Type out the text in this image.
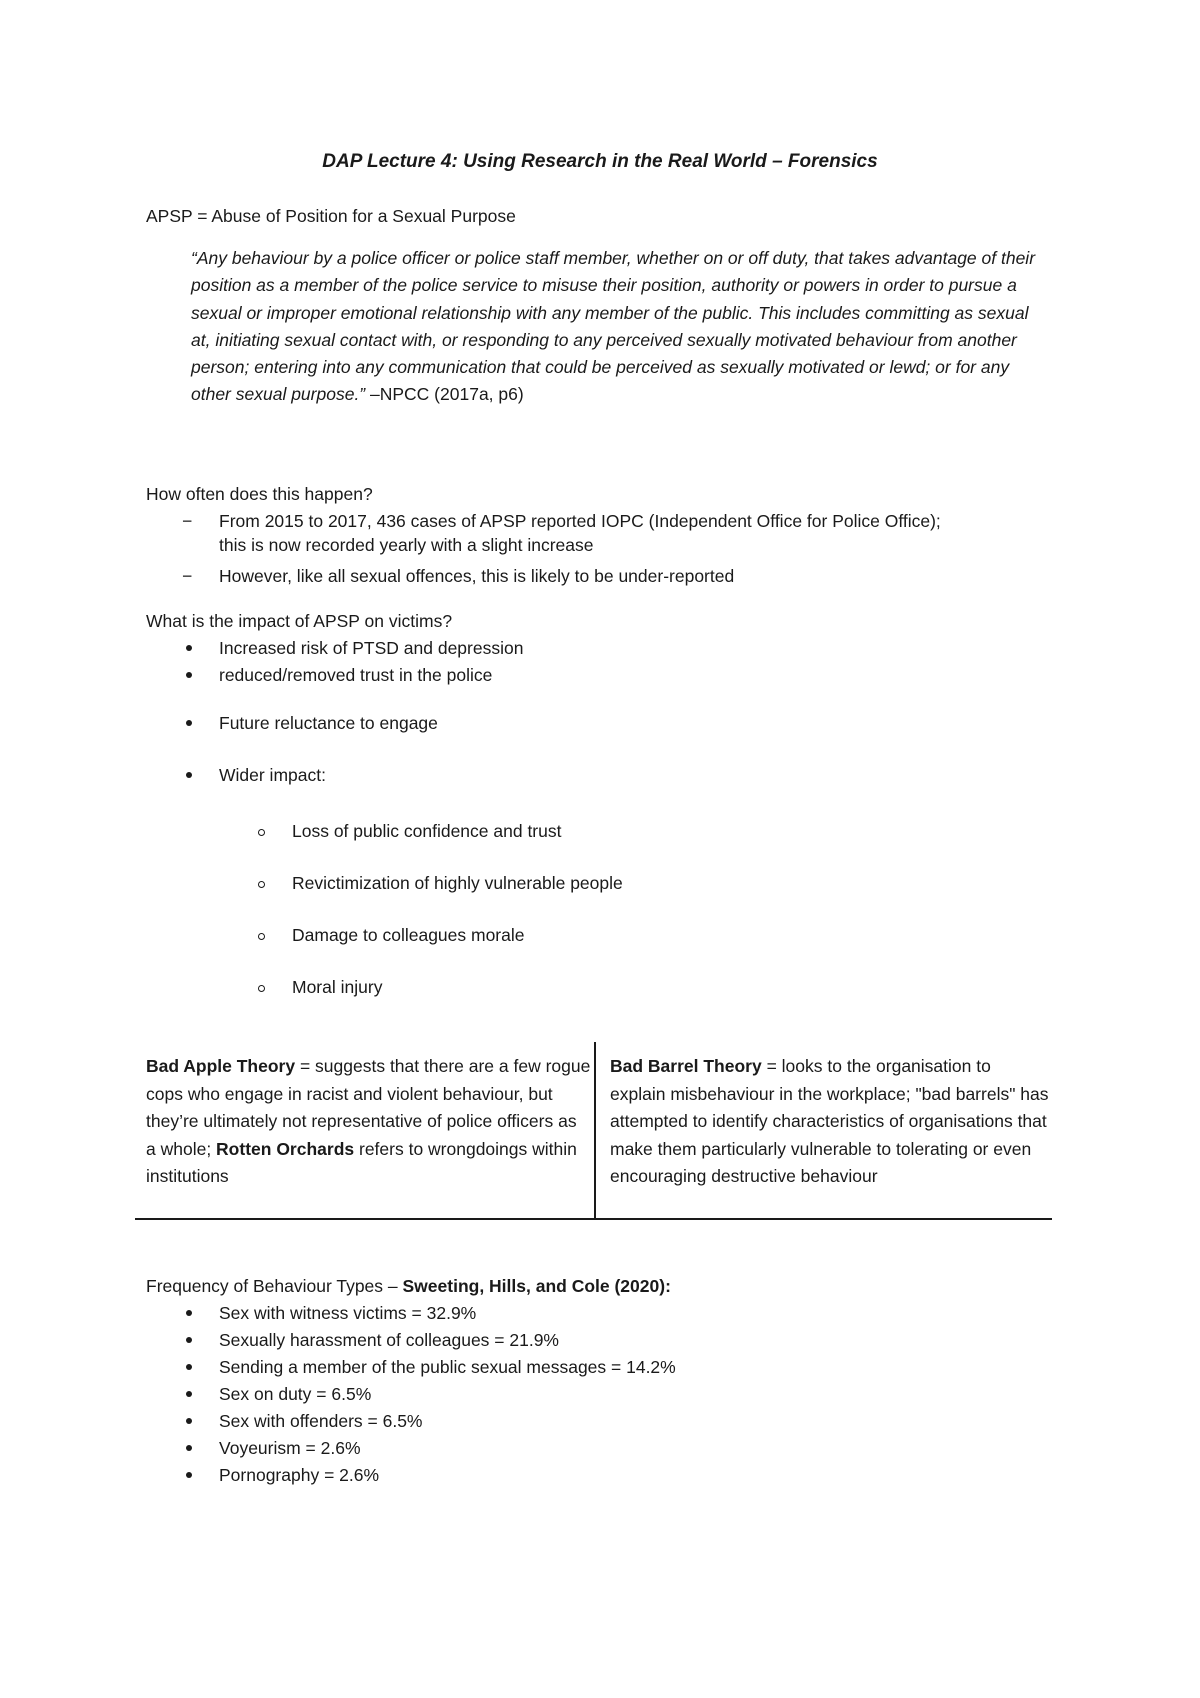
DAP Lecture 4: Using Research in the Real World – Forensics
APSP = Abuse of Position for a Sexual Purpose
“Any behaviour by a police officer or police staff member, whether on or off duty, that takes advantage of their position as a member of the police service to misuse their position, authority or powers in order to pursue a sexual or improper emotional relationship with any member of the public. This includes committing as sexual at, initiating sexual contact with, or responding to any perceived sexually motivated behaviour from another person; entering into any communication that could be perceived as sexually motivated or lewd; or for any other sexual purpose.” –NPCC (2017a, p6)
How often does this happen?
− From 2015 to 2017, 436 cases of APSP reported IOPC (Independent Office for Police Office);
this is now recorded yearly with a slight increase
− However, like all sexual offences, this is likely to be under-reported
What is the impact of APSP on victims?
Increased risk of PTSD and depression
reduced/removed trust in the police
Future reluctance to engage
Wider impact:
Loss of public confidence and trust
Revictimization of highly vulnerable people
Damage to colleagues morale
Moral injury
Bad Apple Theory = suggests that there are a few rogue cops who engage in racist and violent behaviour, but they’re ultimately not representative of police officers as a whole; Rotten Orchards refers to wrongdoings within institutions
Bad Barrel Theory = looks to the organisation to explain misbehaviour in the workplace; "bad barrels" has attempted to identify characteristics of organisations that make them particularly vulnerable to tolerating or even encouraging destructive behaviour
Frequency of Behaviour Types – Sweeting, Hills, and Cole (2020):
Sex with witness victims = 32.9%
Sexually harassment of colleagues = 21.9%
Sending a member of the public sexual messages = 14.2%
Sex on duty = 6.5%
Sex with offenders = 6.5%
Voyeurism = 2.6%
Pornography = 2.6%
